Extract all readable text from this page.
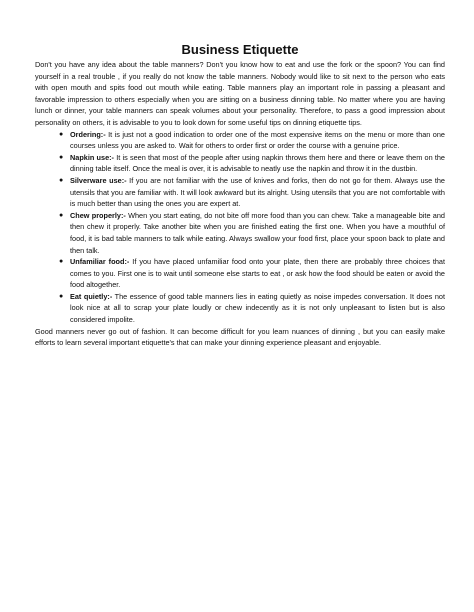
Business Etiquette

Don't you have any idea about the table manners? Don't you know how to eat and use the fork or the spoon? You can find yourself in a real trouble , if you really do not know the table manners. Nobody would like to sit next to the person who eats with open mouth and spits food out mouth while eating. Table manners play an important role in passing a pleasant and favorable impression to others especially when you are sitting on a business dinning table. No matter where you are having lunch or dinner, your table manners can speak volumes about your personality. Therefore, to pass a good impression about personality on others, it is advisable to you to look down for some useful tips on dinning etiquette tips.

● Ordering:- It is just not a good indication to order one of the most expensive items on the menu or more than one courses unless you are asked to. Wait for others to order first or order the course with a genuine price.
● Napkin use:- It is seen that most of the people after using napkin throws them here and there or leave them on the dinning table itself. Once the meal is over, it is advisable to neatly use the napkin and throw it in the dustbin.
● Silverware use:- If you are not familiar with the use of knives and forks, then do not go for them. Always use the utensils that you are familiar with. It will look awkward but its alright. Using utensils that you are not comfortable with is much better than using the ones you are expert at.
● Chew properly:- When you start eating, do not bite off more food than you can chew. Take a manageable bite and then chew it properly. Take another bite when you are finished eating the first one. When you have a mouthful of food, it is bad table manners to talk while eating. Always swallow your food first, place your spoon back to plate and then talk.
● Unfamiliar food:- If you have placed unfamiliar food onto your plate, then there are probably three choices that comes to you. First one is to wait until someone else starts to eat , or ask how the food should be eaten or avoid the food altogether.
● Eat quietly:- The essence of good table manners lies in eating quietly as noise impedes conversation. It does not look nice at all to scrap your plate loudly or chew indecently as it is not only unpleasant to listen but is also considered impolite.

Good manners never go out of fashion. It can become difficult for you learn nuances of dinning , but you can easily make efforts to learn several important etiquette's that can make your dinning experience pleasant and enjoyable.
